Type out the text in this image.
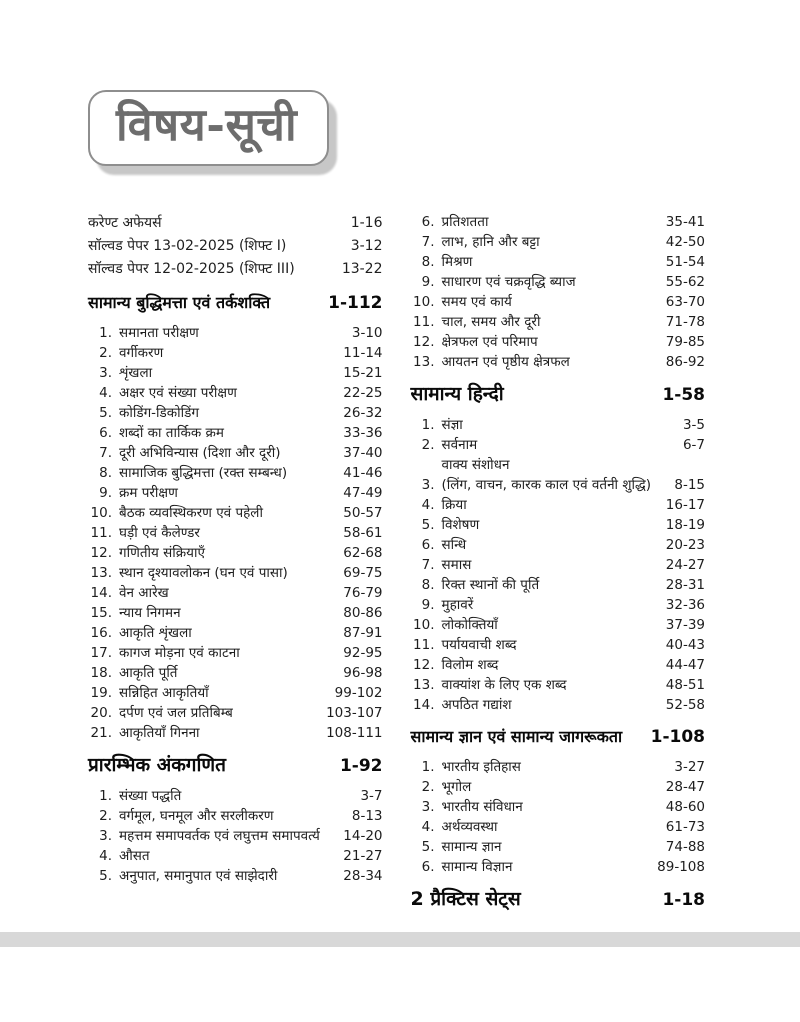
विषय-सूची
करेण्ट अफेयर्स	1-16
सॉल्वड पेपर 13-02-2025 (शिफ्ट I)	3-12
सॉल्वड पेपर 12-02-2025 (शिफ्ट III)	13-22
सामान्य बुद्धिमत्ता एवं तर्कशक्ति	1-112
1. समानता परीक्षण	3-10
2. वर्गीकरण	11-14
3. शृंखला	15-21
4. अक्षर एवं संख्या परीक्षण	22-25
5. कोडिंग-डिकोडिंग	26-32
6. शब्दों का तार्किक क्रम	33-36
7. दूरी अभिविन्यास (दिशा और दूरी)	37-40
8. सामाजिक बुद्धिमत्ता (रक्त सम्बन्ध)	41-46
9. क्रम परीक्षण	47-49
10. बैठक व्यवस्थिकरण एवं पहेली	50-57
11. घड़ी एवं कैलेण्डर	58-61
12. गणितीय संक्रियाएँ	62-68
13. स्थान दृश्यावलोकन (घन एवं पासा)	69-75
14. वेन आरेख	76-79
15. न्याय निगमन	80-86
16. आकृति शृंखला	87-91
17. कागज मोड़ना एवं काटना	92-95
18. आकृति पूर्ति	96-98
19. सन्निहित आकृतियाँ	99-102
20. दर्पण एवं जल प्रतिबिम्ब	103-107
21. आकृतियाँ गिनना	108-111
प्रारम्भिक अंकगणित	1-92
1. संख्या पद्धति	3-7
2. वर्गमूल, घनमूल और सरलीकरण	8-13
3. महत्तम समापवर्तक एवं लघुत्तम समापवर्त्य	14-20
4. औसत	21-27
5. अनुपात, समानुपात एवं साझेदारी	28-34
6. प्रतिशतता	35-41
7. लाभ, हानि और बट्टा	42-50
8. मिश्रण	51-54
9. साधारण एवं चक्रवृद्धि ब्याज	55-62
10. समय एवं कार्य	63-70
11. चाल, समय और दूरी	71-78
12. क्षेत्रफल एवं परिमाप	79-85
13. आयतन एवं पृष्ठीय क्षेत्रफल	86-92
सामान्य हिन्दी	1-58
1. संज्ञा	3-5
2. सर्वनाम	6-7
3.
वाक्य संशोधन
(लिंग, वाचन, कारक काल एवं वर्तनी शुद्धि)	8-15
4. क्रिया	16-17
5. विशेषण	18-19
6. सन्धि	20-23
7. समास	24-27
8. रिक्त स्थानों की पूर्ति	28-31
9. मुहावरें	32-36
10. लोकोक्तियाँ	37-39
11. पर्यायवाची शब्द	40-43
12. विलोम शब्द	44-47
13. वाक्यांश के लिए एक शब्द	48-51
14. अपठित गद्यांश	52-58
सामान्य ज्ञान एवं सामान्य जागरूकता 1-108
1. भारतीय इतिहास	3-27
2. भूगोल	28-47
3. भारतीय संविधान	48-60
4. अर्थव्यवस्था	61-73
5. सामान्य ज्ञान	74-88
6. सामान्य विज्ञान	89-108
2 प्रैक्टिस सेट्स	1-18
